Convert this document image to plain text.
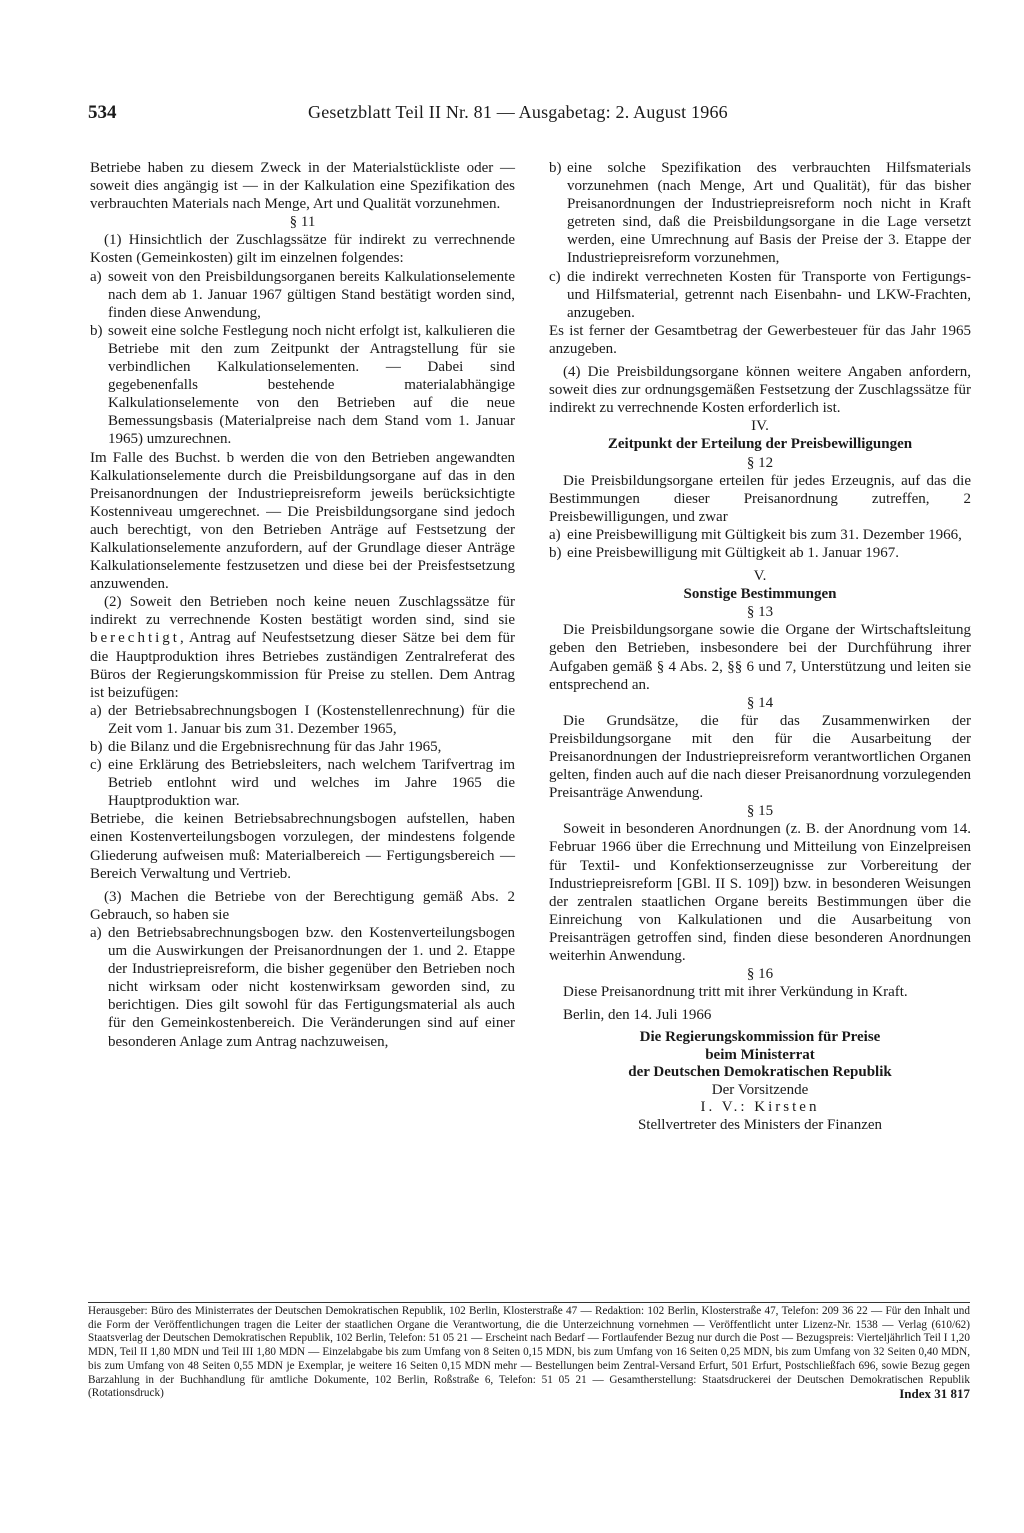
534	Gesetzblatt Teil II Nr. 81 — Ausgabetag: 2. August 1966

Betriebe haben zu diesem Zweck in der Materialstückliste oder — soweit dies angängig ist — in der Kalkulation eine Spezifikation des verbrauchten Materials nach Menge, Art und Qualität vorzunehmen.

§ 11

(1) Hinsichtlich der Zuschlagssätze für indirekt zu verrechnende Kosten (Gemeinkosten) gilt im einzelnen folgendes:

a) soweit von den Preisbildungsorganen bereits Kalkulationselemente nach dem ab 1. Januar 1967 gültigen Stand bestätigt worden sind, finden diese Anwendung,

b) soweit eine solche Festlegung noch nicht erfolgt ist, kalkulieren die Betriebe mit den zum Zeitpunkt der Antragstellung für sie verbindlichen Kalkulationselementen. — Dabei sind gegebenenfalls bestehende materialabhängige Kalkulationselemente von den Betrieben auf die neue Bemessungsbasis (Materialpreise nach dem Stand vom 1. Januar 1965) umzurechnen.

Im Falle des Buchst. b werden die von den Betrieben angewandten Kalkulationselemente durch die Preisbildungsorgane auf das in den Preisanordnungen der Industriepreisreform jeweils berücksichtigte Kostenniveau umgerechnet. — Die Preisbildungsorgane sind jedoch auch berechtigt, von den Betrieben Anträge auf Festsetzung der Kalkulationselemente anzufordern, auf der Grundlage dieser Anträge Kalkulationselemente festzusetzen und diese bei der Preisfestsetzung anzuwenden.

(2) Soweit den Betrieben noch keine neuen Zuschlagssätze für indirekt zu verrechnende Kosten bestätigt worden sind, sind sie berechtigt, Antrag auf Neufestsetzung dieser Sätze bei dem für die Hauptproduktion ihres Betriebes zuständigen Zentralreferat des Büros der Regierungskommission für Preise zu stellen. Dem Antrag ist beizufügen:

a) der Betriebsabrechnungsbogen I (Kostenstellenrechnung) für die Zeit vom 1. Januar bis zum 31. Dezember 1965,

b) die Bilanz und die Ergebnisrechnung für das Jahr 1965,

c) eine Erklärung des Betriebsleiters, nach welchem Tarifvertrag im Betrieb entlohnt wird und welches im Jahre 1965 die Hauptproduktion war.

Betriebe, die keinen Betriebsabrechnungsbogen aufstellen, haben einen Kostenverteilungsbogen vorzulegen, der mindestens folgende Gliederung aufweisen muß: Materialbereich — Fertigungsbereich — Bereich Verwaltung und Vertrieb.

(3) Machen die Betriebe von der Berechtigung gemäß Abs. 2 Gebrauch, so haben sie

a) den Betriebsabrechnungsbogen bzw. den Kostenverteilungsbogen um die Auswirkungen der Preisanordnungen der 1. und 2. Etappe der Industriepreisreform, die bisher gegenüber den Betrieben noch nicht wirksam oder nicht kostenwirksam geworden sind, zu berichtigen. Dies gilt sowohl für das Fertigungsmaterial als auch für den Gemeinkostenbereich. Die Veränderungen sind auf einer besonderen Anlage zum Antrag nachzuweisen,

b) eine solche Spezifikation des verbrauchten Hilfsmaterials vorzunehmen (nach Menge, Art und Qualität), für das bisher Preisanordnungen der Industriepreisreform noch nicht in Kraft getreten sind, daß die Preisbildungsorgane in die Lage versetzt werden, eine Umrechnung auf Basis der Preise der 3. Etappe der Industriepreisreform vorzunehmen,

c) die indirekt verrechneten Kosten für Transporte von Fertigungs- und Hilfsmaterial, getrennt nach Eisenbahn- und LKW-Frachten, anzugeben.

Es ist ferner der Gesamtbetrag der Gewerbesteuer für das Jahr 1965 anzugeben.

(4) Die Preisbildungsorgane können weitere Angaben anfordern, soweit dies zur ordnungsgemäßen Festsetzung der Zuschlagssätze für indirekt zu verrechnende Kosten erforderlich ist.

IV.

Zeitpunkt der Erteilung der Preisbewilligungen

§ 12

Die Preisbildungsorgane erteilen für jedes Erzeugnis, auf das die Bestimmungen dieser Preisanordnung zutreffen, 2 Preisbewilligungen, und zwar

a) eine Preisbewilligung mit Gültigkeit bis zum 31. Dezember 1966,

b) eine Preisbewilligung mit Gültigkeit ab 1. Januar 1967.

V.

Sonstige Bestimmungen

§ 13

Die Preisbildungsorgane sowie die Organe der Wirtschaftsleitung geben den Betrieben, insbesondere bei der Durchführung ihrer Aufgaben gemäß § 4 Abs. 2, §§ 6 und 7, Unterstützung und leiten sie entsprechend an.

§ 14

Die Grundsätze, die für das Zusammenwirken der Preisbildungsorgane mit den für die Ausarbeitung der Preisanordnungen der Industriepreisreform verantwortlichen Organen gelten, finden auch auf die nach dieser Preisanordnung vorzulegenden Preisanträge Anwendung.

§ 15

Soweit in besonderen Anordnungen (z. B. der Anordnung vom 14. Februar 1966 über die Errechnung und Mitteilung von Einzelpreisen für Textil- und Konfektionserzeugnisse zur Vorbereitung der Industriepreisreform [GBl. II S. 109]) bzw. in besonderen Weisungen der zentralen staatlichen Organe bereits Bestimmungen über die Einreichung von Kalkulationen und die Ausarbeitung von Preisanträgen getroffen sind, finden diese besonderen Anordnungen weiterhin Anwendung.

§ 16

Diese Preisanordnung tritt mit ihrer Verkündung in Kraft.

Berlin, den 14. Juli 1966

Die Regierungskommission für Preise

beim Ministerrat

der Deutschen Demokratischen Republik

Der Vorsitzende

I. V.: Kirsten

Stellvertreter des Ministers der Finanzen

Herausgeber: Büro des Ministerrates der Deutschen Demokratischen Republik, 102 Berlin, Klosterstraße 47 — Redaktion: 102 Berlin, Klosterstraße 47, Telefon: 209 36 22 — Für den Inhalt und die Form der Veröffentlichungen tragen die Leiter der staatlichen Organe die Verantwortung, die die Unterzeichnung vornehmen — Veröffentlicht unter Lizenz-Nr. 1538 — Verlag (610/62) Staatsverlag der Deutschen Demokratischen Republik, 102 Berlin, Telefon: 51 05 21 — Erscheint nach Bedarf — Fortlaufender Bezug nur durch die Post — Bezugspreis: Vierteljährlich Teil I 1,20 MDN, Teil II 1,80 MDN und Teil III 1,80 MDN — Einzelabgabe bis zum Umfang von 8 Seiten 0,15 MDN, bis zum Umfang von 16 Seiten 0,25 MDN, bis zum Umfang von 32 Seiten 0,40 MDN, bis zum Umfang von 48 Seiten 0,55 MDN je Exemplar, je weitere 16 Seiten 0,15 MDN mehr — Bestellungen beim Zentral-Versand Erfurt, 501 Erfurt, Postschließfach 696, sowie Bezug gegen Barzahlung in der Buchhandlung für amtliche Dokumente, 102 Berlin, Roßstraße 6, Telefon: 51 05 21 — Gesamtherstellung: Staatsdruckerei der Deutschen Demokratischen Republik (Rotationsdruck)	Index 31 817
